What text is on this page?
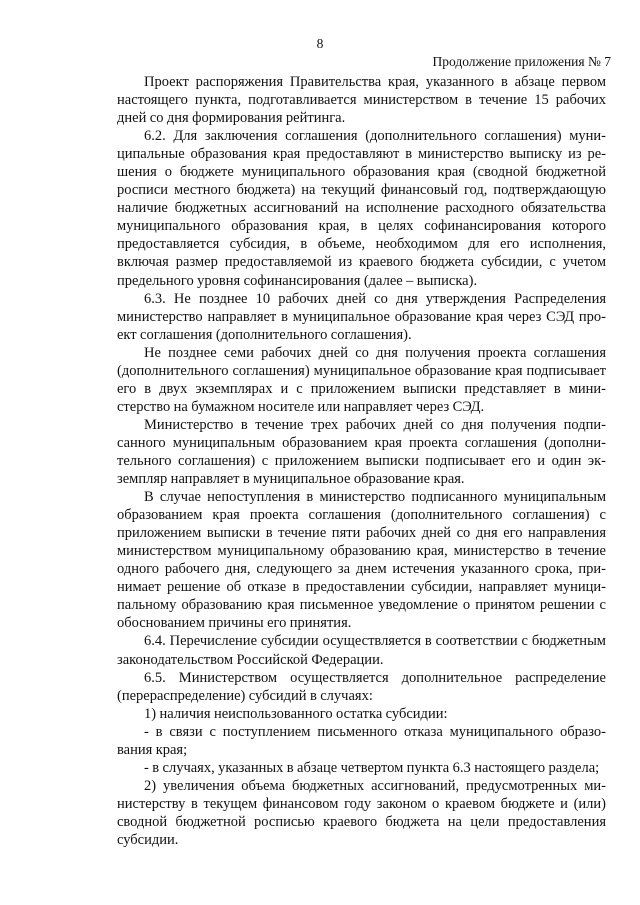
8
Продолжение приложения № 7

Проект распоряжения Правительства края, указанного в абзаце первом настоящего пункта, подготавливается министерством в течение 15 рабочих дней со дня формирования рейтинга.

6.2. Для заключения соглашения (дополнительного соглашения) муниципальные образования края предоставляют в министерство выписку из решения о бюджете муниципального образования края (сводной бюджетной росписи местного бюджета) на текущий финансовый год, подтверждающую наличие бюджетных ассигнований на исполнение расходного обязательства муниципального образования края, в целях софинансирования которого предоставляется субсидия, в объеме, необходимом для его исполнения, включая размер предоставляемой из краевого бюджета субсидии, с учетом предельного уровня софинансирования (далее – выписка).

6.3. Не позднее 10 рабочих дней со дня утверждения Распределения министерство направляет в муниципальное образование края через СЭД проект соглашения (дополнительного соглашения).

Не позднее семи рабочих дней со дня получения проекта соглашения (дополнительного соглашения) муниципальное образование края подписывает его в двух экземплярах и с приложением выписки представляет в министерство на бумажном носителе или направляет через СЭД.

Министерство в течение трех рабочих дней со дня получения подписанного муниципальным образованием края проекта соглашения (дополнительного соглашения) с приложением выписки подписывает его и один экземпляр направляет в муниципальное образование края.

В случае непоступления в министерство подписанного муниципальным образованием края проекта соглашения (дополнительного соглашения) с приложением выписки в течение пяти рабочих дней со дня его направления министерством муниципальному образованию края, министерство в течение одного рабочего дня, следующего за днем истечения указанного срока, принимает решение об отказе в предоставлении субсидии, направляет муниципальному образованию края письменное уведомление о принятом решении с обоснованием причины его принятия.

6.4. Перечисление субсидии осуществляется в соответствии с бюджетным законодательством Российской Федерации.

6.5. Министерством осуществляется дополнительное распределение (перераспределение) субсидий в случаях:

1) наличия неиспользованного остатка субсидии:

- в связи с поступлением письменного отказа муниципального образования края;

- в случаях, указанных в абзаце четвертом пункта 6.3 настоящего раздела;

2) увеличения объема бюджетных ассигнований, предусмотренных министерству в текущем финансовом году законом о краевом бюджете и (или) сводной бюджетной росписью краевого бюджета на цели предоставления субсидии.
